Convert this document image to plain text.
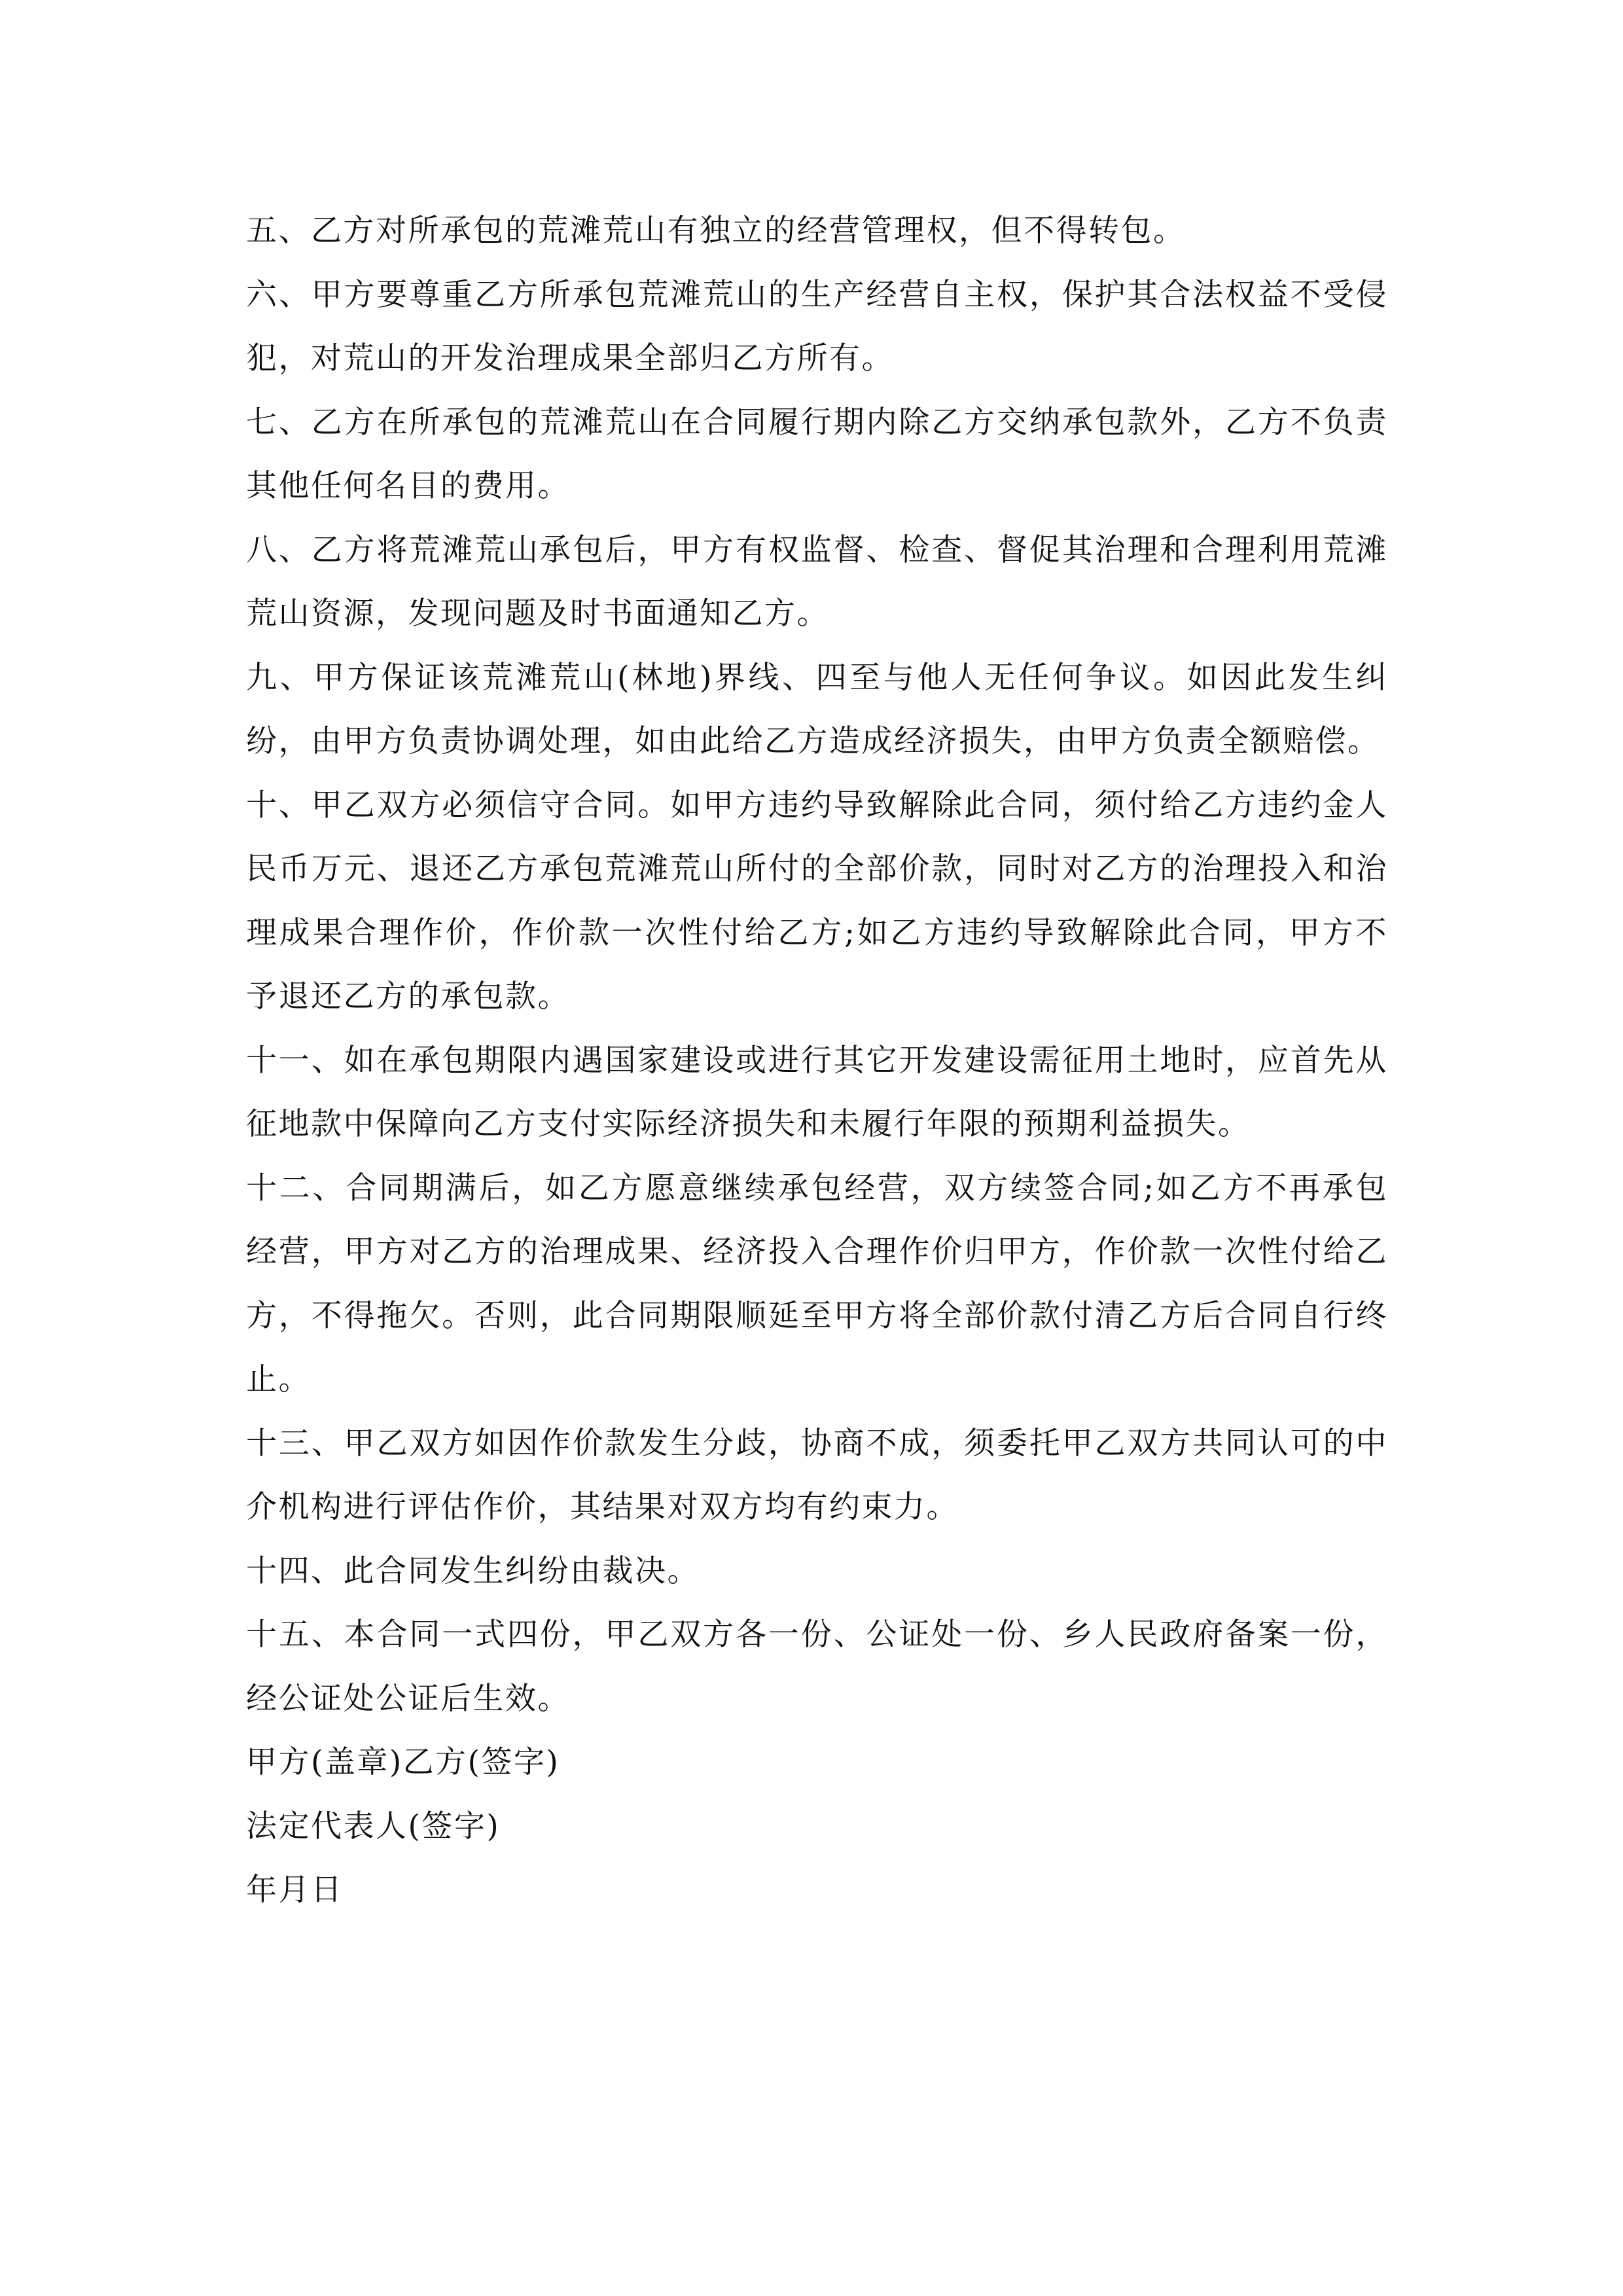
五、乙方对所承包的荒滩荒山有独立的经营管理权，但不得转包。

六、甲方要尊重乙方所承包荒滩荒山的生产经营自主权，保护其合法权益不受侵犯，对荒山的开发治理成果全部归乙方所有。

七、乙方在所承包的荒滩荒山在合同履行期内除乙方交纳承包款外，乙方不负责其他任何名目的费用。

八、乙方将荒滩荒山承包后，甲方有权监督、检查、督促其治理和合理利用荒滩荒山资源，发现问题及时书面通知乙方。

九、甲方保证该荒滩荒山(林地)界线、四至与他人无任何争议。如因此发生纠纷，由甲方负责协调处理，如由此给乙方造成经济损失，由甲方负责全额赔偿。

十、甲乙双方必须信守合同。如甲方违约导致解除此合同，须付给乙方违约金人民币万元、退还乙方承包荒滩荒山所付的全部价款，同时对乙方的治理投入和治理成果合理作价，作价款一次性付给乙方;如乙方违约导致解除此合同，甲方不予退还乙方的承包款。

十一、如在承包期限内遇国家建设或进行其它开发建设需征用土地时，应首先从征地款中保障向乙方支付实际经济损失和未履行年限的预期利益损失。

十二、合同期满后，如乙方愿意继续承包经营，双方续签合同;如乙方不再承包经营，甲方对乙方的治理成果、经济投入合理作价归甲方，作价款一次性付给乙方，不得拖欠。否则，此合同期限顺延至甲方将全部价款付清乙方后合同自行终止。

十三、甲乙双方如因作价款发生分歧，协商不成，须委托甲乙双方共同认可的中介机构进行评估作价，其结果对双方均有约束力。

十四、此合同发生纠纷由裁决。

十五、本合同一式四份，甲乙双方各一份、公证处一份、乡人民政府备案一份，经公证处公证后生效。

甲方(盖章)乙方(签字)

法定代表人(签字)

年月日
